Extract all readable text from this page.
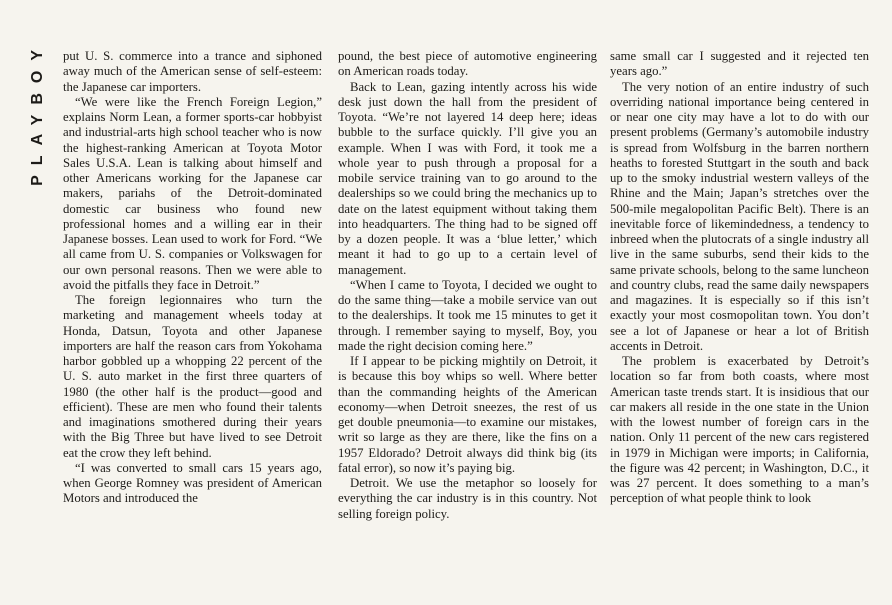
PLAYBOY	put U. S. commerce into a trance and siphoned away much of the American sense of self-esteem: the Japanese car importers.

“We were like the French Foreign Legion,” explains Norm Lean, a former sports-car hobbyist and industrial-arts high school teacher who is now the highest-ranking American at Toyota Motor Sales U.S.A. Lean is talking about himself and other Americans working for the Japanese car makers, pariahs of the Detroit-dominated domestic car business who found new professional homes and a willing ear in their Japanese bosses. Lean used to work for Ford. “We all came from U. S. companies or Volkswagen for our own personal reasons. Then we were able to avoid the pitfalls they face in Detroit.”

The foreign legionnaires who turn the marketing and management wheels today at Honda, Datsun, Toyota and other Japanese importers are half the reason cars from Yokohama harbor gobbled up a whopping 22 percent of the U. S. auto market in the first three quarters of 1980 (the other half is the product—good and efficient). These are men who found their talents and imaginations smothered during their years with the Big Three but have lived to see Detroit eat the crow they left behind.

“I was converted to small cars 15 years ago, when George Romney was president of American Motors and introduced the

pound, the best piece of automotive engineering on American roads today.

Back to Lean, gazing intently across his wide desk just down the hall from the president of Toyota. “We’re not layered 14 deep here; ideas bubble to the surface quickly. I’ll give you an example. When I was with Ford, it took me a whole year to push through a proposal for a mobile service training van to go around to the dealerships so we could bring the mechanics up to date on the latest equipment without taking them into headquarters. The thing had to be signed off by a dozen people. It was a ‘blue letter,’ which meant it had to go up to a certain level of management.

“When I came to Toyota, I decided we ought to do the same thing—take a mobile service van out to the dealerships. It took me 15 minutes to get it through. I remember saying to myself, Boy, you made the right decision coming here.”

If I appear to be picking mightily on Detroit, it is because this boy whips so well. Where better than the commanding heights of the American economy—when Detroit sneezes, the rest of us get double pneumonia—to examine our mistakes, writ so large as they are there, like the fins on a 1957 Eldorado? Detroit always did think big (its fatal error), so now it’s paying big.

Detroit. We use the metaphor so loosely for everything the car industry is in this country. Not selling foreign policy.

same small car I suggested and it rejected ten years ago.”

The very notion of an entire industry of such overriding national importance being centered in or near one city may have a lot to do with our present problems (Germany’s automobile industry is spread from Wolfsburg in the barren northern heaths to forested Stuttgart in the south and back up to the smoky industrial western valleys of the Rhine and the Main; Japan’s stretches over the 500-mile megalopolitan Pacific Belt). There is an inevitable force of likemindedness, a tendency to inbreed when the plutocrats of a single industry all live in the same suburbs, send their kids to the same private schools, belong to the same luncheon and country clubs, read the same daily newspapers and magazines. It is especially so if this isn’t exactly your most cosmopolitan town. You don’t see a lot of Japanese or hear a lot of British accents in Detroit.

The problem is exacerbated by Detroit’s location so far from both coasts, where most American taste trends start. It is insidious that our car makers all reside in the one state in the Union with the lowest number of foreign cars in the nation. Only 11 percent of the new cars registered in 1979 in Michigan were imports; in California, the figure was 42 percent; in Washington, D.C., it was 27 percent. It does something to a man’s perception of what people think to look
